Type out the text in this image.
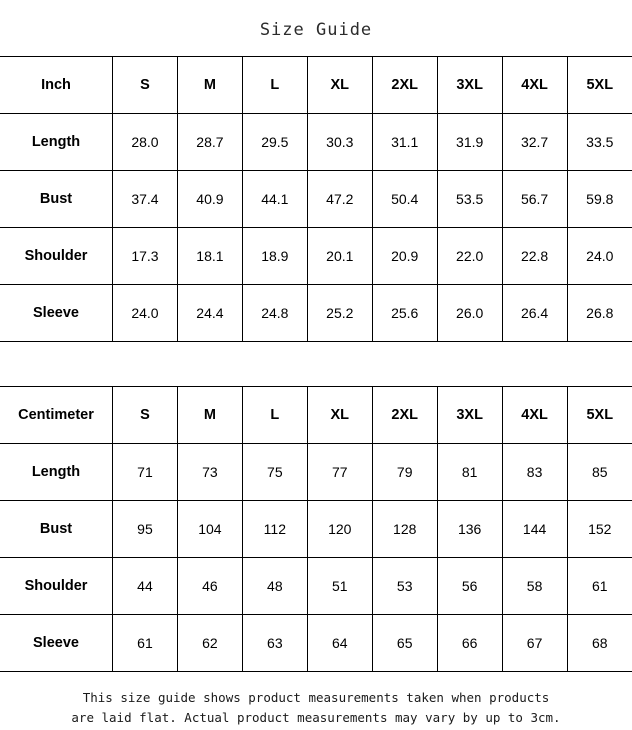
Size Guide
Inch	S	M	L	XL	2XL	3XL	4XL	5XL
Length	28.0	28.7	29.5	30.3	31.1	31.9	32.7	33.5
Bust	37.4	40.9	44.1	47.2	50.4	53.5	56.7	59.8
Shoulder	17.3	18.1	18.9	20.1	20.9	22.0	22.8	24.0
Sleeve	24.0	24.4	24.8	25.2	25.6	26.0	26.4	26.8
Centimeter	S	M	L	XL	2XL	3XL	4XL	5XL
Length	71	73	75	77	79	81	83	85
Bust	95	104	112	120	128	136	144	152
Shoulder	44	46	48	51	53	56	58	61
Sleeve	61	62	63	64	65	66	67	68
This size guide shows product measurements taken when products
are laid flat. Actual product measurements may vary by up to 3cm.
